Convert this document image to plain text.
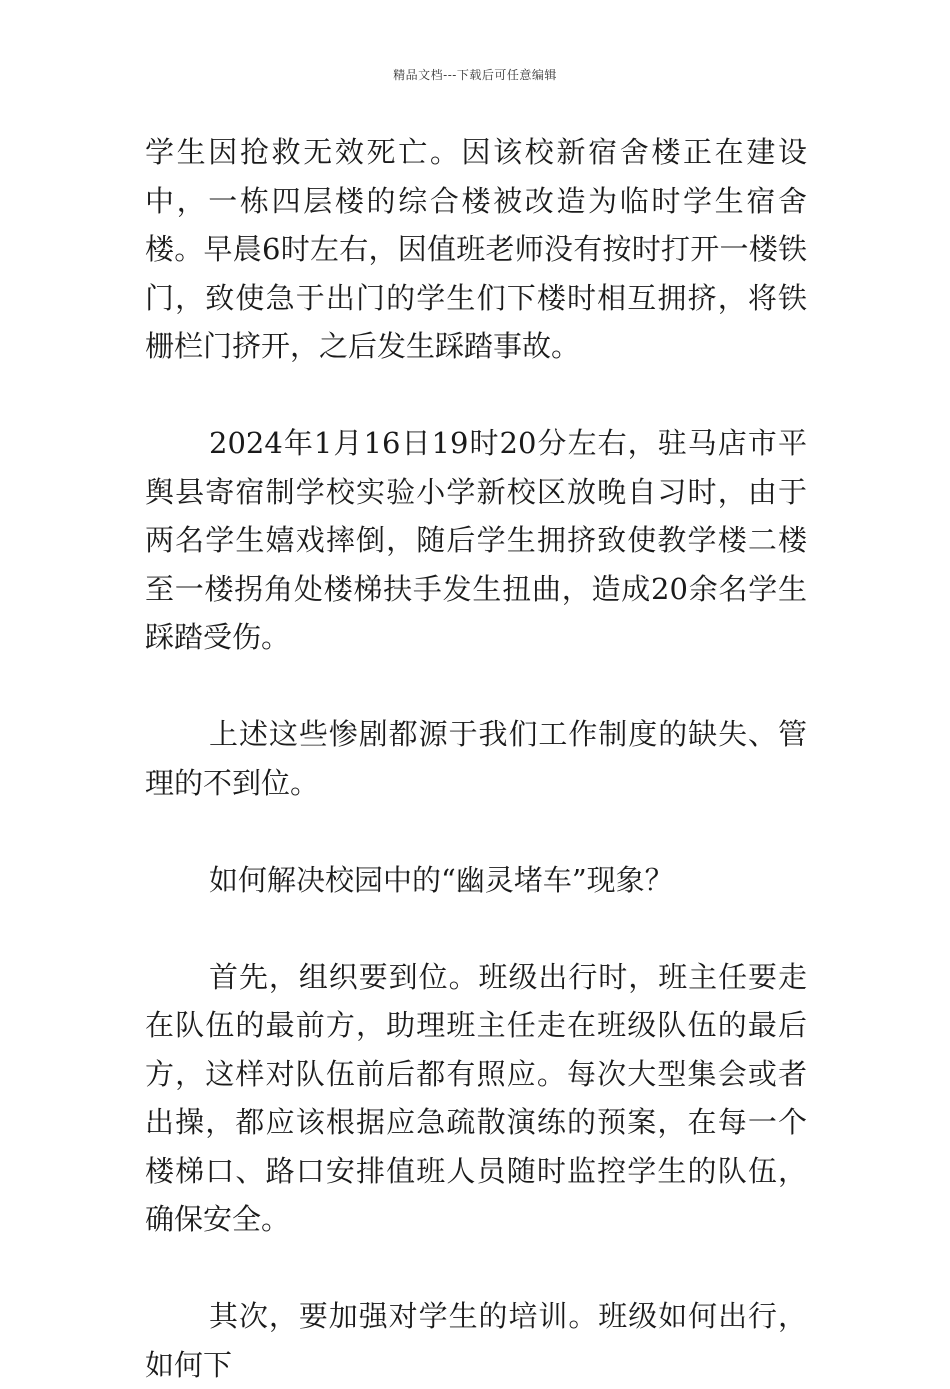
精品文档---下载后可任意编辑

学生因抢救无效死亡。因该校新宿舍楼正在建设中，一栋四层楼的综合楼被改造为临时学生宿舍楼。早晨6时左右，因值班老师没有按时打开一楼铁门，致使急于出门的学生们下楼时相互拥挤，将铁栅栏门挤开，之后发生踩踏事故。

2024年1月16日19时20分左右，驻马店市平舆县寄宿制学校实验小学新校区放晚自习时，由于两名学生嬉戏摔倒，随后学生拥挤致使教学楼二楼至一楼拐角处楼梯扶手发生扭曲，造成20余名学生踩踏受伤。

上述这些惨剧都源于我们工作制度的缺失、管理的不到位。

如何解决校园中的“幽灵堵车”现象？

首先，组织要到位。班级出行时，班主任要走在队伍的最前方，助理班主任走在班级队伍的最后方，这样对队伍前后都有照应。每次大型集会或者出操，都应该根据应急疏散演练的预案，在每一个楼梯口、路口安排值班人员随时监控学生的队伍，确保安全。

其次，要加强对学生的培训。班级如何出行，如何下
